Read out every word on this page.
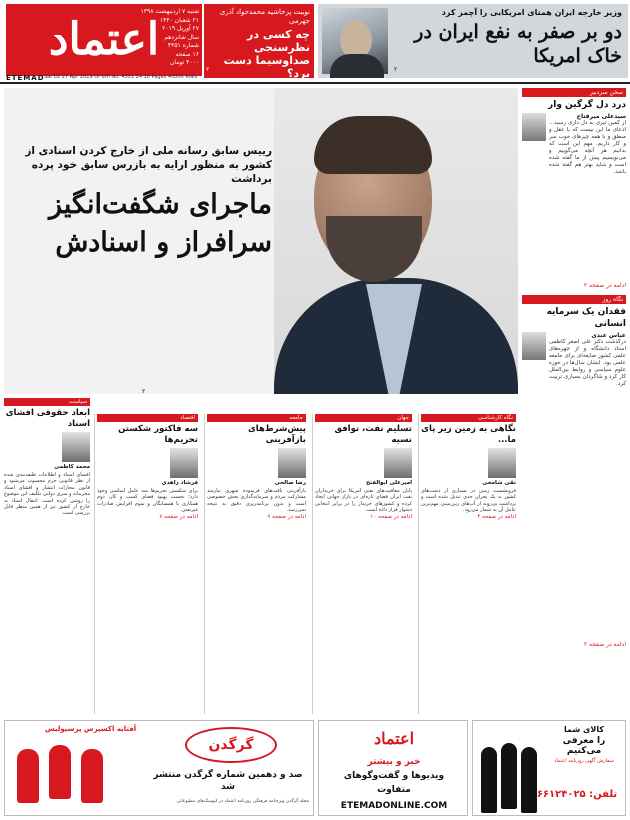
اعتماد
شنبه ۷ اردیبهشت ۱۳۹۸
۲۱ شعبان ۱۴۴۰
۲۷ آوریل ۲۰۱۹
سال شانزدهم
شماره ۴۳۵۱
۱۶ صفحه
۴۰۰۰ تومان
ETEMAD Sat 02 27 Apr 2019 Of 6th No. 4351 24 16 Pages 40000 Rials
نویبت پرحاشیه محمدجواد آذری جهرمی
چه کسی در نظرسنجی صداوسیما دست برد؟
۲
وزیر خارجه ایران همتای امریکایی را آچمز کرد
دو بر صفر به نفع ایران در خاک امریکا
۲
رییس سابق رسانه ملی از خارج کردن اسنادی از کشور به منظور ارایه به بازرس سابق خود پرده برداشت
ماجرای شگفت‌انگیز سرافراز و اسنادش
۲
سخن سردبیر
درد دل گرگین وار
سیدعلی میرفتاح
از کمین تیری به دل داری رسید... ادعای ما این نیست که با عقل و منطق و با همه چیزهای خوب سر و کار داریم. مهم این است که بدانیم هر آنچه می‌گوییم و می‌نویسیم پیش از ما گفته شده است و شاید بهتر هم گفته شده باشد.
ادامه در صفحه ۲
نگاه روز
فقدان یک سرمایه انسانی
عباس عبدی
درگذشت دکتر علی اصغر کاظمی استاد دانشگاه و از چهره‌های علمی کشور ضایعه‌ای برای جامعه علمی بود. ایشان سال‌ها در حوزه علوم سیاسی و روابط بین‌الملل کار کرد و شاگردان بسیاری تربیت کرد.
ادامه در صفحه ۲
سیاست
ابعاد حقوقی افشای اسناد
محمد کاظمی
افشای اسناد و اطلاعات طبقه‌بندی شده از نظر قانونی جرم محسوب می‌شود و قانون مجازات انتشار و افشای اسناد محرمانه و سری دولتی تکلیف این موضوع را روشن کرده است. انتقال اسناد به خارج از کشور نیز از همین منظر قابل بررسی است.
اقتصاد
سه فاکتور شکستن تحریم‌ها
فرشاد زاهدی
برای شکستن تحریم‌ها سه عامل اساسی وجود دارد؛ نخست بهبود فضای کسب و کار، دوم همکاری با همسایگان و سوم افزایش صادرات غیرنفتی.
ادامه در صفحه ۷
جامعه
پیش‌شرط‌های بازآفرینی
رضا صالحی
بازآفرینی بافت‌های فرسوده شهری نیازمند مشارکت مردم و سرمایه‌گذاری بخش خصوصی است و بدون برنامه‌ریزی دقیق به نتیجه نمی‌رسد.
ادامه در صفحه ۹
جهان
تسلیم نفت، توافق نسیه
امیرعلی ابوالفتح
پایان معافیت‌های نفتی امریکا برای خریداران نفت ایران فضای تازه‌ای در بازار جهانی ایجاد کرده و کشورهای خریدار را در برابر انتخابی دشوار قرار داده است.
ادامه در صفحه ۱۰
نگاه کارشناسی
نگاهی به زمین زیر پای ما...
تقی شامخی
فرونشست زمین در بسیاری از دشت‌های کشور به یک بحران جدی تبدیل شده است و برداشت بی‌رویه از آب‌های زیرزمینی مهم‌ترین عامل آن به شمار می‌رود.
ادامه در صفحه ۴
آفتابه اکسپرس پرسپولیس
گرگدن
صد و دهمین شماره گرگدن منتشر شد
مجله گرگدن ویژه‌نامه فرهنگی روزنامه اعتماد در کیوسک‌های مطبوعاتی
اعتماد
خبر و بیشتر
ویدیوها و گفت‌وگوهای
متفاوت
ETEMADONLINE.COM
کالای شما
را معرفی می‌کنیم
سفارش آگهی روزنامه اعتماد
تلفن: ۶۶۱۲۴۰۲۵
